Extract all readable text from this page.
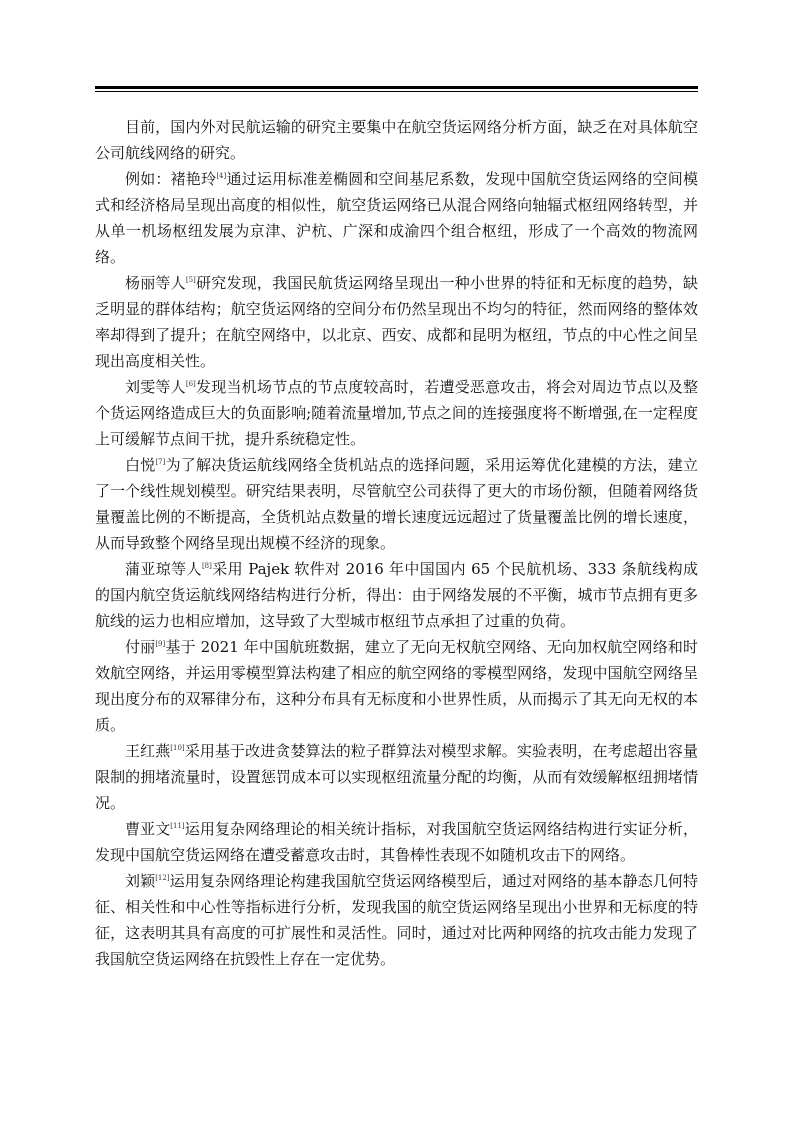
目前，国内外对民航运输的研究主要集中在航空货运网络分析方面，缺乏在对具体航空公司航线网络的研究。

例如：褚艳玲[4]通过运用标准差椭圆和空间基尼系数，发现中国航空货运网络的空间模式和经济格局呈现出高度的相似性，航空货运网络已从混合网络向轴辐式枢纽网络转型，并从单一机场枢纽发展为京津、沪杭、广深和成渝四个组合枢纽，形成了一个高效的物流网络。

杨丽等人[5]研究发现，我国民航货运网络呈现出一种小世界的特征和无标度的趋势，缺乏明显的群体结构；航空货运网络的空间分布仍然呈现出不均匀的特征，然而网络的整体效率却得到了提升；在航空网络中，以北京、西安、成都和昆明为枢纽，节点的中心性之间呈现出高度相关性。

刘雯等人[6]发现当机场节点的节点度较高时，若遭受恶意攻击，将会对周边节点以及整个货运网络造成巨大的负面影响;随着流量增加,节点之间的连接强度将不断增强,在一定程度上可缓解节点间干扰，提升系统稳定性。

白悦[7]为了解决货运航线网络全货机站点的选择问题，采用运筹优化建模的方法，建立了一个线性规划模型。研究结果表明，尽管航空公司获得了更大的市场份额，但随着网络货量覆盖比例的不断提高，全货机站点数量的增长速度远远超过了货量覆盖比例的增长速度，从而导致整个网络呈现出规模不经济的现象。

蒲亚琼等人[8]采用 Pajek 软件对 2016 年中国国内 65 个民航机场、333 条航线构成的国内航空货运航线网络结构进行分析，得出：由于网络发展的不平衡，城市节点拥有更多航线的运力也相应增加，这导致了大型城市枢纽节点承担了过重的负荷。

付丽[9]基于 2021 年中国航班数据，建立了无向无权航空网络、无向加权航空网络和时效航空网络，并运用零模型算法构建了相应的航空网络的零模型网络，发现中国航空网络呈现出度分布的双幂律分布，这种分布具有无标度和小世界性质，从而揭示了其无向无权的本质。

王红燕[10]采用基于改进贪婪算法的粒子群算法对模型求解。实验表明，在考虑超出容量限制的拥堵流量时，设置惩罚成本可以实现枢纽流量分配的均衡，从而有效缓解枢纽拥堵情况。

曹亚文[11]运用复杂网络理论的相关统计指标，对我国航空货运网络结构进行实证分析，发现中国航空货运网络在遭受蓄意攻击时，其鲁棒性表现不如随机攻击下的网络。

刘颖[12]运用复杂网络理论构建我国航空货运网络模型后，通过对网络的基本静态几何特征、相关性和中心性等指标进行分析，发现我国的航空货运网络呈现出小世界和无标度的特征，这表明其具有高度的可扩展性和灵活性。同时，通过对比两种网络的抗攻击能力发现了我国航空货运网络在抗毁性上存在一定优势。
